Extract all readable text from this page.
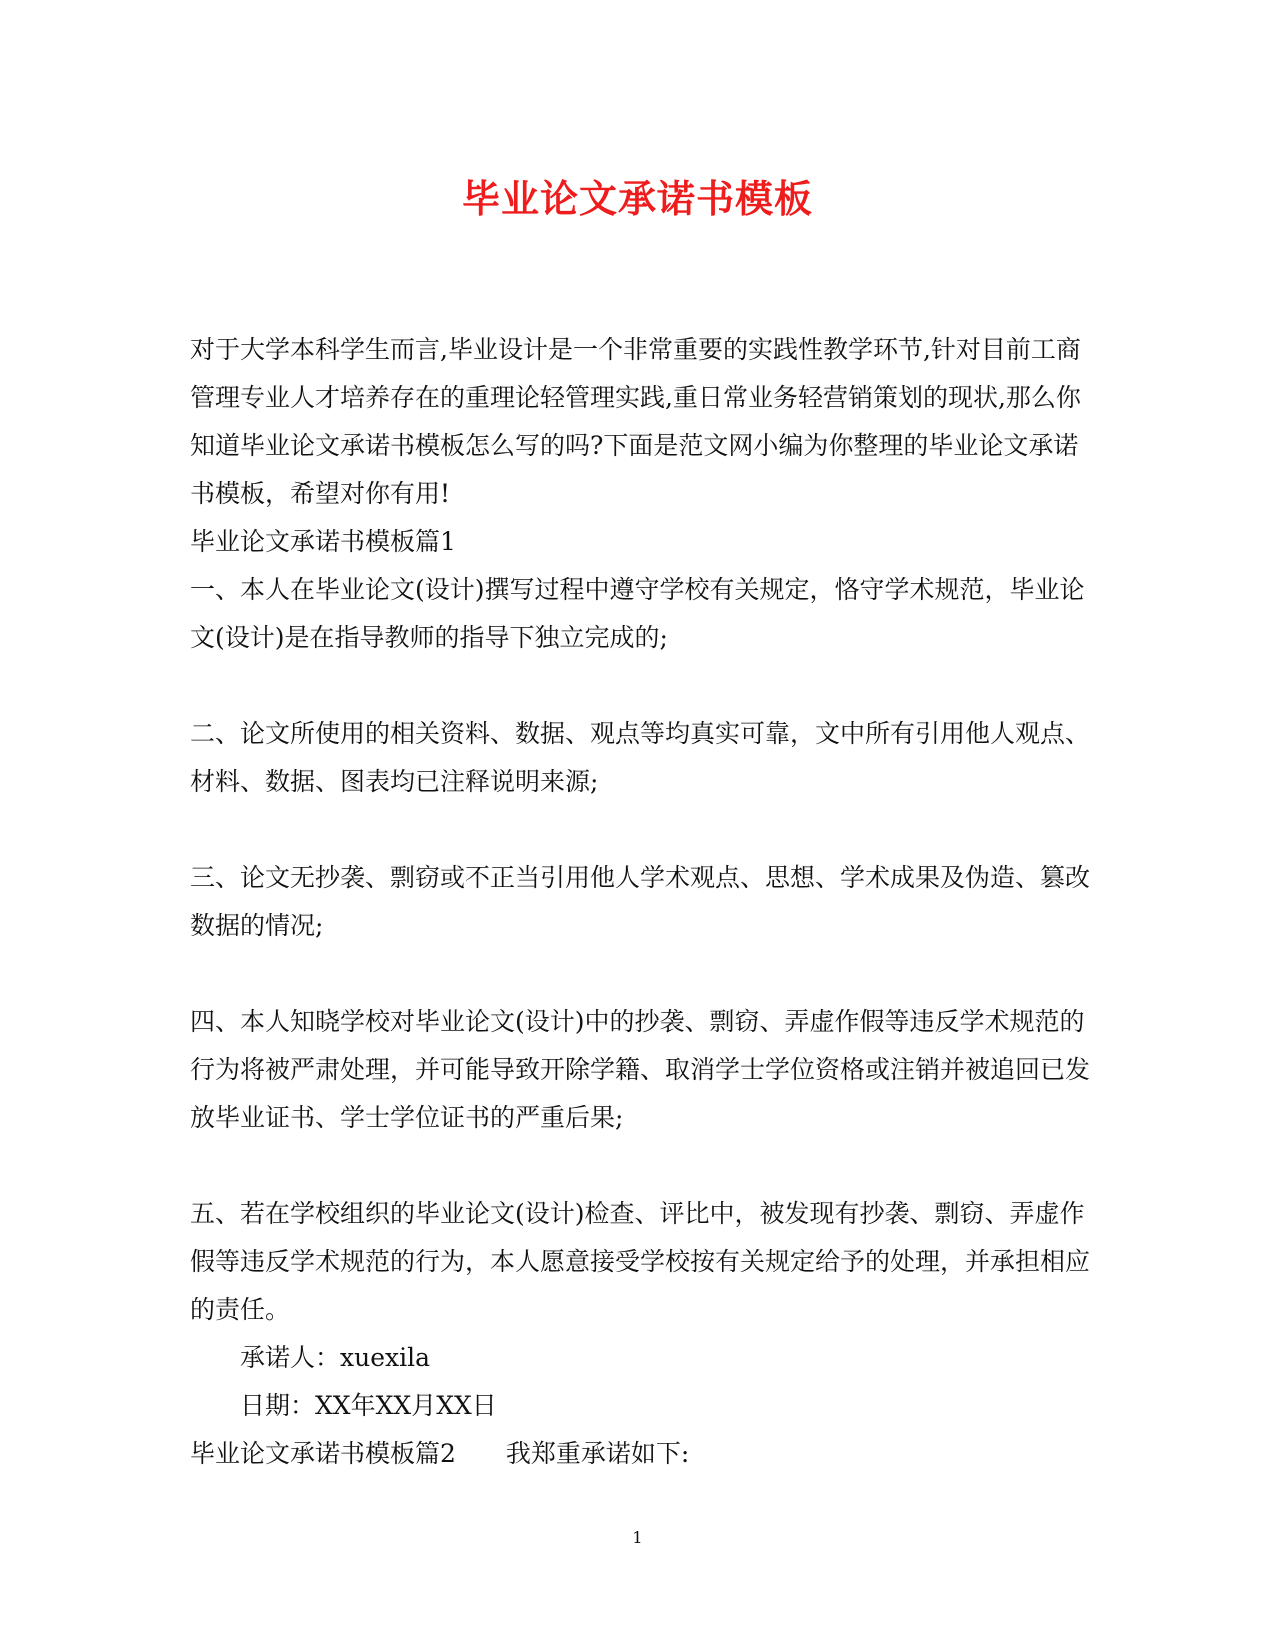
毕业论文承诺书模板

对于大学本科学生而言,毕业设计是一个非常重要的实践性教学环节,针对目前工商管理专业人才培养存在的重理论轻管理实践,重日常业务轻营销策划的现状,那么你知道毕业论文承诺书模板怎么写的吗?下面是范文网小编为你整理的毕业论文承诺书模板，希望对你有用!

毕业论文承诺书模板篇1

一、本人在毕业论文(设计)撰写过程中遵守学校有关规定，恪守学术规范，毕业论文(设计)是在指导教师的指导下独立完成的;

二、论文所使用的相关资料、数据、观点等均真实可靠，文中所有引用他人观点、材料、数据、图表均已注释说明来源;

三、论文无抄袭、剽窃或不正当引用他人学术观点、思想、学术成果及伪造、篡改数据的情况;

四、本人知晓学校对毕业论文(设计)中的抄袭、剽窃、弄虚作假等违反学术规范的行为将被严肃处理，并可能导致开除学籍、取消学士学位资格或注销并被追回已发放毕业证书、学士学位证书的严重后果;

五、若在学校组织的毕业论文(设计)检查、评比中，被发现有抄袭、剽窃、弄虚作假等违反学术规范的行为，本人愿意接受学校按有关规定给予的处理，并承担相应的责任。

承诺人：xuexila

日期：XX年XX月XX日

毕业论文承诺书模板篇2 我郑重承诺如下:

1
